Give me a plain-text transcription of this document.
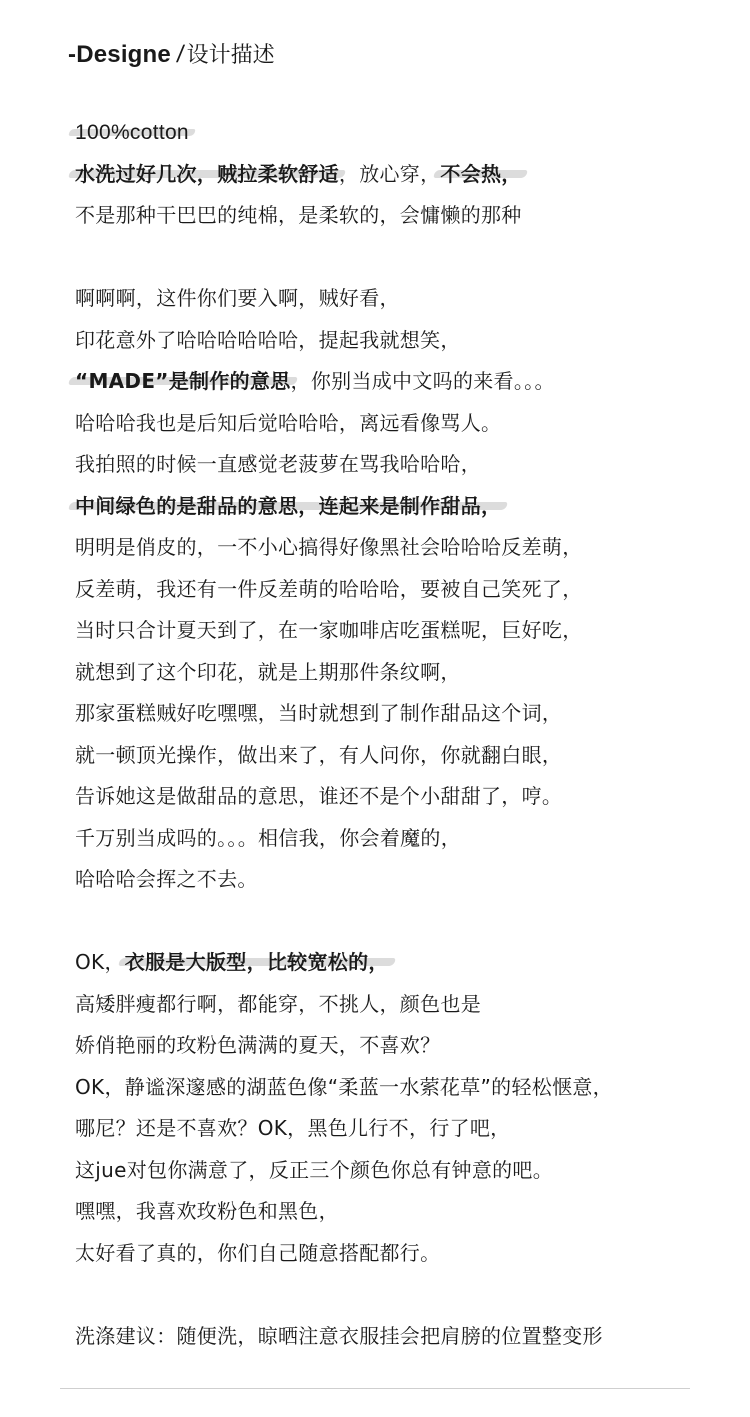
-Designe / 设计描述
100%cotton
水洗过好几次，贼拉柔软舒适，放心穿，不会热，
不是那种干巴巴的纯棉，是柔软的，会慵懒的那种
啊啊啊，这件你们要入啊，贼好看，
印花意外了哈哈哈哈哈哈，提起我就想笑，
“MADE”是制作的意思，你别当成中文吗的来看。。。
哈哈哈我也是后知后觉哈哈哈，离远看像骂人。
我拍照的时候一直感觉老菠萝在骂我哈哈哈，
中间绿色的是甜品的意思，连起来是制作甜品，
明明是俏皮的，一不小心搞得好像黑社会哈哈哈反差萌，
反差萌，我还有一件反差萌的哈哈哈，要被自己笑死了，
当时只合计夏天到了，在一家咖啡店吃蛋糕呢，巨好吃，
就想到了这个印花，就是上期那件条纹啊，
那家蛋糕贼好吃嘿嘿，当时就想到了制作甜品这个词，
就一顿顶光操作，做出来了，有人问你，你就翻白眼，
告诉她这是做甜品的意思，谁还不是个小甜甜了，哼。
千万别当成吗的。。。相信我，你会着魔的，
哈哈哈会挥之不去。
OK，衣服是大版型，比较宽松的，
高矮胖瘦都行啊，都能穿，不挑人，颜色也是
娇俏艳丽的玫粉色满满的夏天，不喜欢？
OK，静谧深邃感的湖蓝色像“柔蓝一水萦花草”的轻松惬意，
哪尼？还是不喜欢？OK，黑色儿行不，行了吧，
这jue对包你满意了，反正三个颜色你总有钟意的吧。
嘿嘿，我喜欢玫粉色和黑色，
太好看了真的，你们自己随意搭配都行。
洗涤建议：随便洗，晾晒注意衣服挂会把肩膀的位置整变形
